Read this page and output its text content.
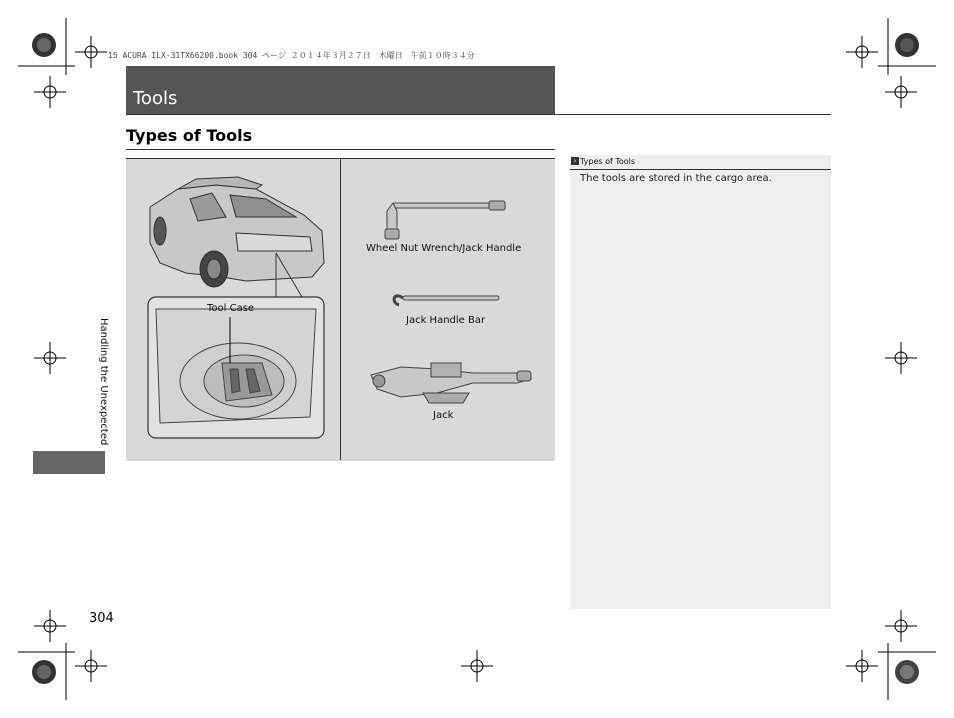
15 ACURA ILX-31TX66200.book 304 ページ ２０１４年３月２７日　木曜日　午前１０時３４分
Tools
Types of Tools
Tool Case
Wheel Nut Wrench/Jack Handle
Jack Handle Bar
Jack
› Types of Tools
The tools are stored in the cargo area.
Handling the Unexpected
304
